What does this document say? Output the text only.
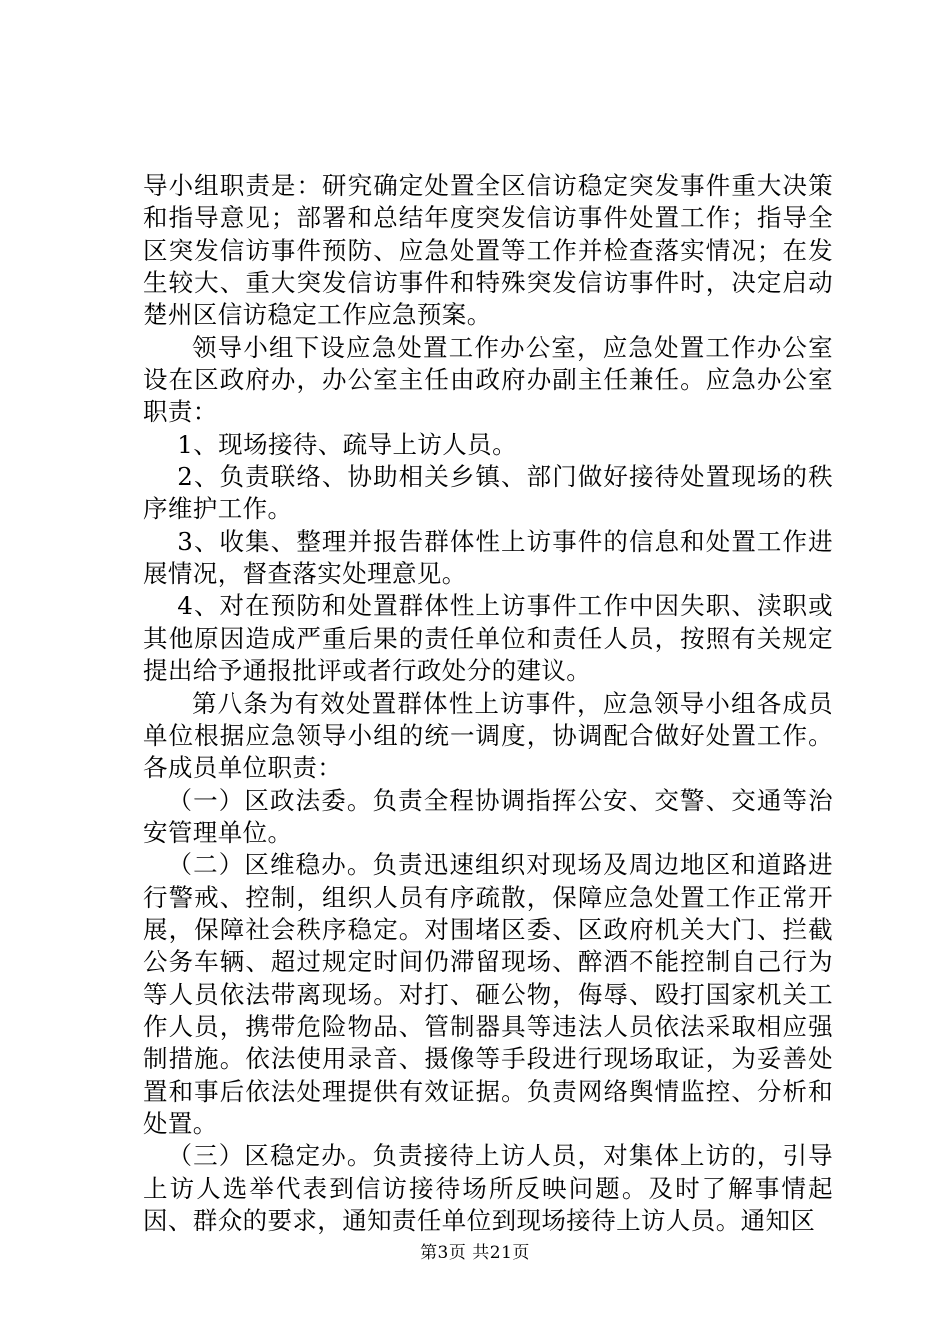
导小组职责是：研究确定处置全区信访稳定突发事件重大决策和指导意见；部署和总结年度突发信访事件处置工作；指导全区突发信访事件预防、应急处置等工作并检查落实情况；在发生较大、重大突发信访事件和特殊突发信访事件时，决定启动楚州区信访稳定工作应急预案。

领导小组下设应急处置工作办公室，应急处置工作办公室设在区政府办，办公室主任由政府办副主任兼任。应急办公室职责：

1、现场接待、疏导上访人员。

2、负责联络、协助相关乡镇、部门做好接待处置现场的秩序维护工作。

3、收集、整理并报告群体性上访事件的信息和处置工作进展情况，督查落实处理意见。

4、对在预防和处置群体性上访事件工作中因失职、渎职或其他原因造成严重后果的责任单位和责任人员，按照有关规定提出给予通报批评或者行政处分的建议。

第八条为有效处置群体性上访事件，应急领导小组各成员单位根据应急领导小组的统一调度，协调配合做好处置工作。各成员单位职责：

（一）区政法委。负责全程协调指挥公安、交警、交通等治安管理单位。

（二）区维稳办。负责迅速组织对现场及周边地区和道路进行警戒、控制，组织人员有序疏散，保障应急处置工作正常开展，保障社会秩序稳定。对围堵区委、区政府机关大门、拦截公务车辆、超过规定时间仍滞留现场、醉酒不能控制自己行为等人员依法带离现场。对打、砸公物，侮辱、殴打国家机关工作人员，携带危险物品、管制器具等违法人员依法采取相应强制措施。依法使用录音、摄像等手段进行现场取证，为妥善处置和事后依法处理提供有效证据。负责网络舆情监控、分析和处置。

（三）区稳定办。负责接待上访人员，对集体上访的，引导上访人选举代表到信访接待场所反映问题。及时了解事情起因、群众的要求，通知责任单位到现场接待上访人员。通知区

第3页 共21页
